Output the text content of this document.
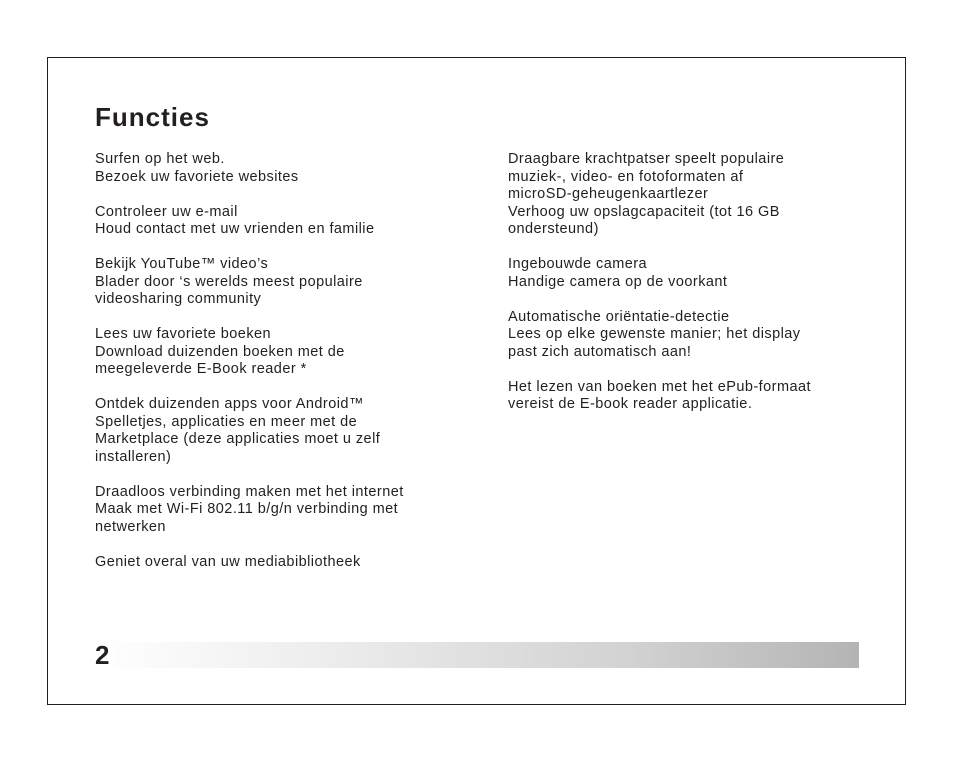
Functies
Surfen op het web.
Bezoek uw favoriete websites
Controleer uw e-mail
Houd contact met uw vrienden en familie
Bekijk YouTube™ video’s
Blader door ‘s werelds meest populaire
videosharing community
Lees uw favoriete boeken
Download duizenden boeken met de
meegeleverde E-Book reader *
Ontdek duizenden apps voor Android™
Spelletjes, applicaties en meer met de
Marketplace (deze applicaties moet u zelf
installeren)
Draadloos verbinding maken met het internet
Maak met Wi-Fi 802.11 b/g/n verbinding met
netwerken
Geniet overal van uw mediabibliotheek
Draagbare krachtpatser speelt populaire
muziek-, video- en fotoformaten af
microSD-geheugenkaartlezer
Verhoog uw opslagcapaciteit (tot 16 GB
ondersteund)
Ingebouwde camera
Handige camera op de voorkant
Automatische oriëntatie-detectie
Lees op elke gewenste manier; het display
past zich automatisch aan!
Het lezen van boeken met het ePub-formaat
vereist de E-book reader applicatie.
2
